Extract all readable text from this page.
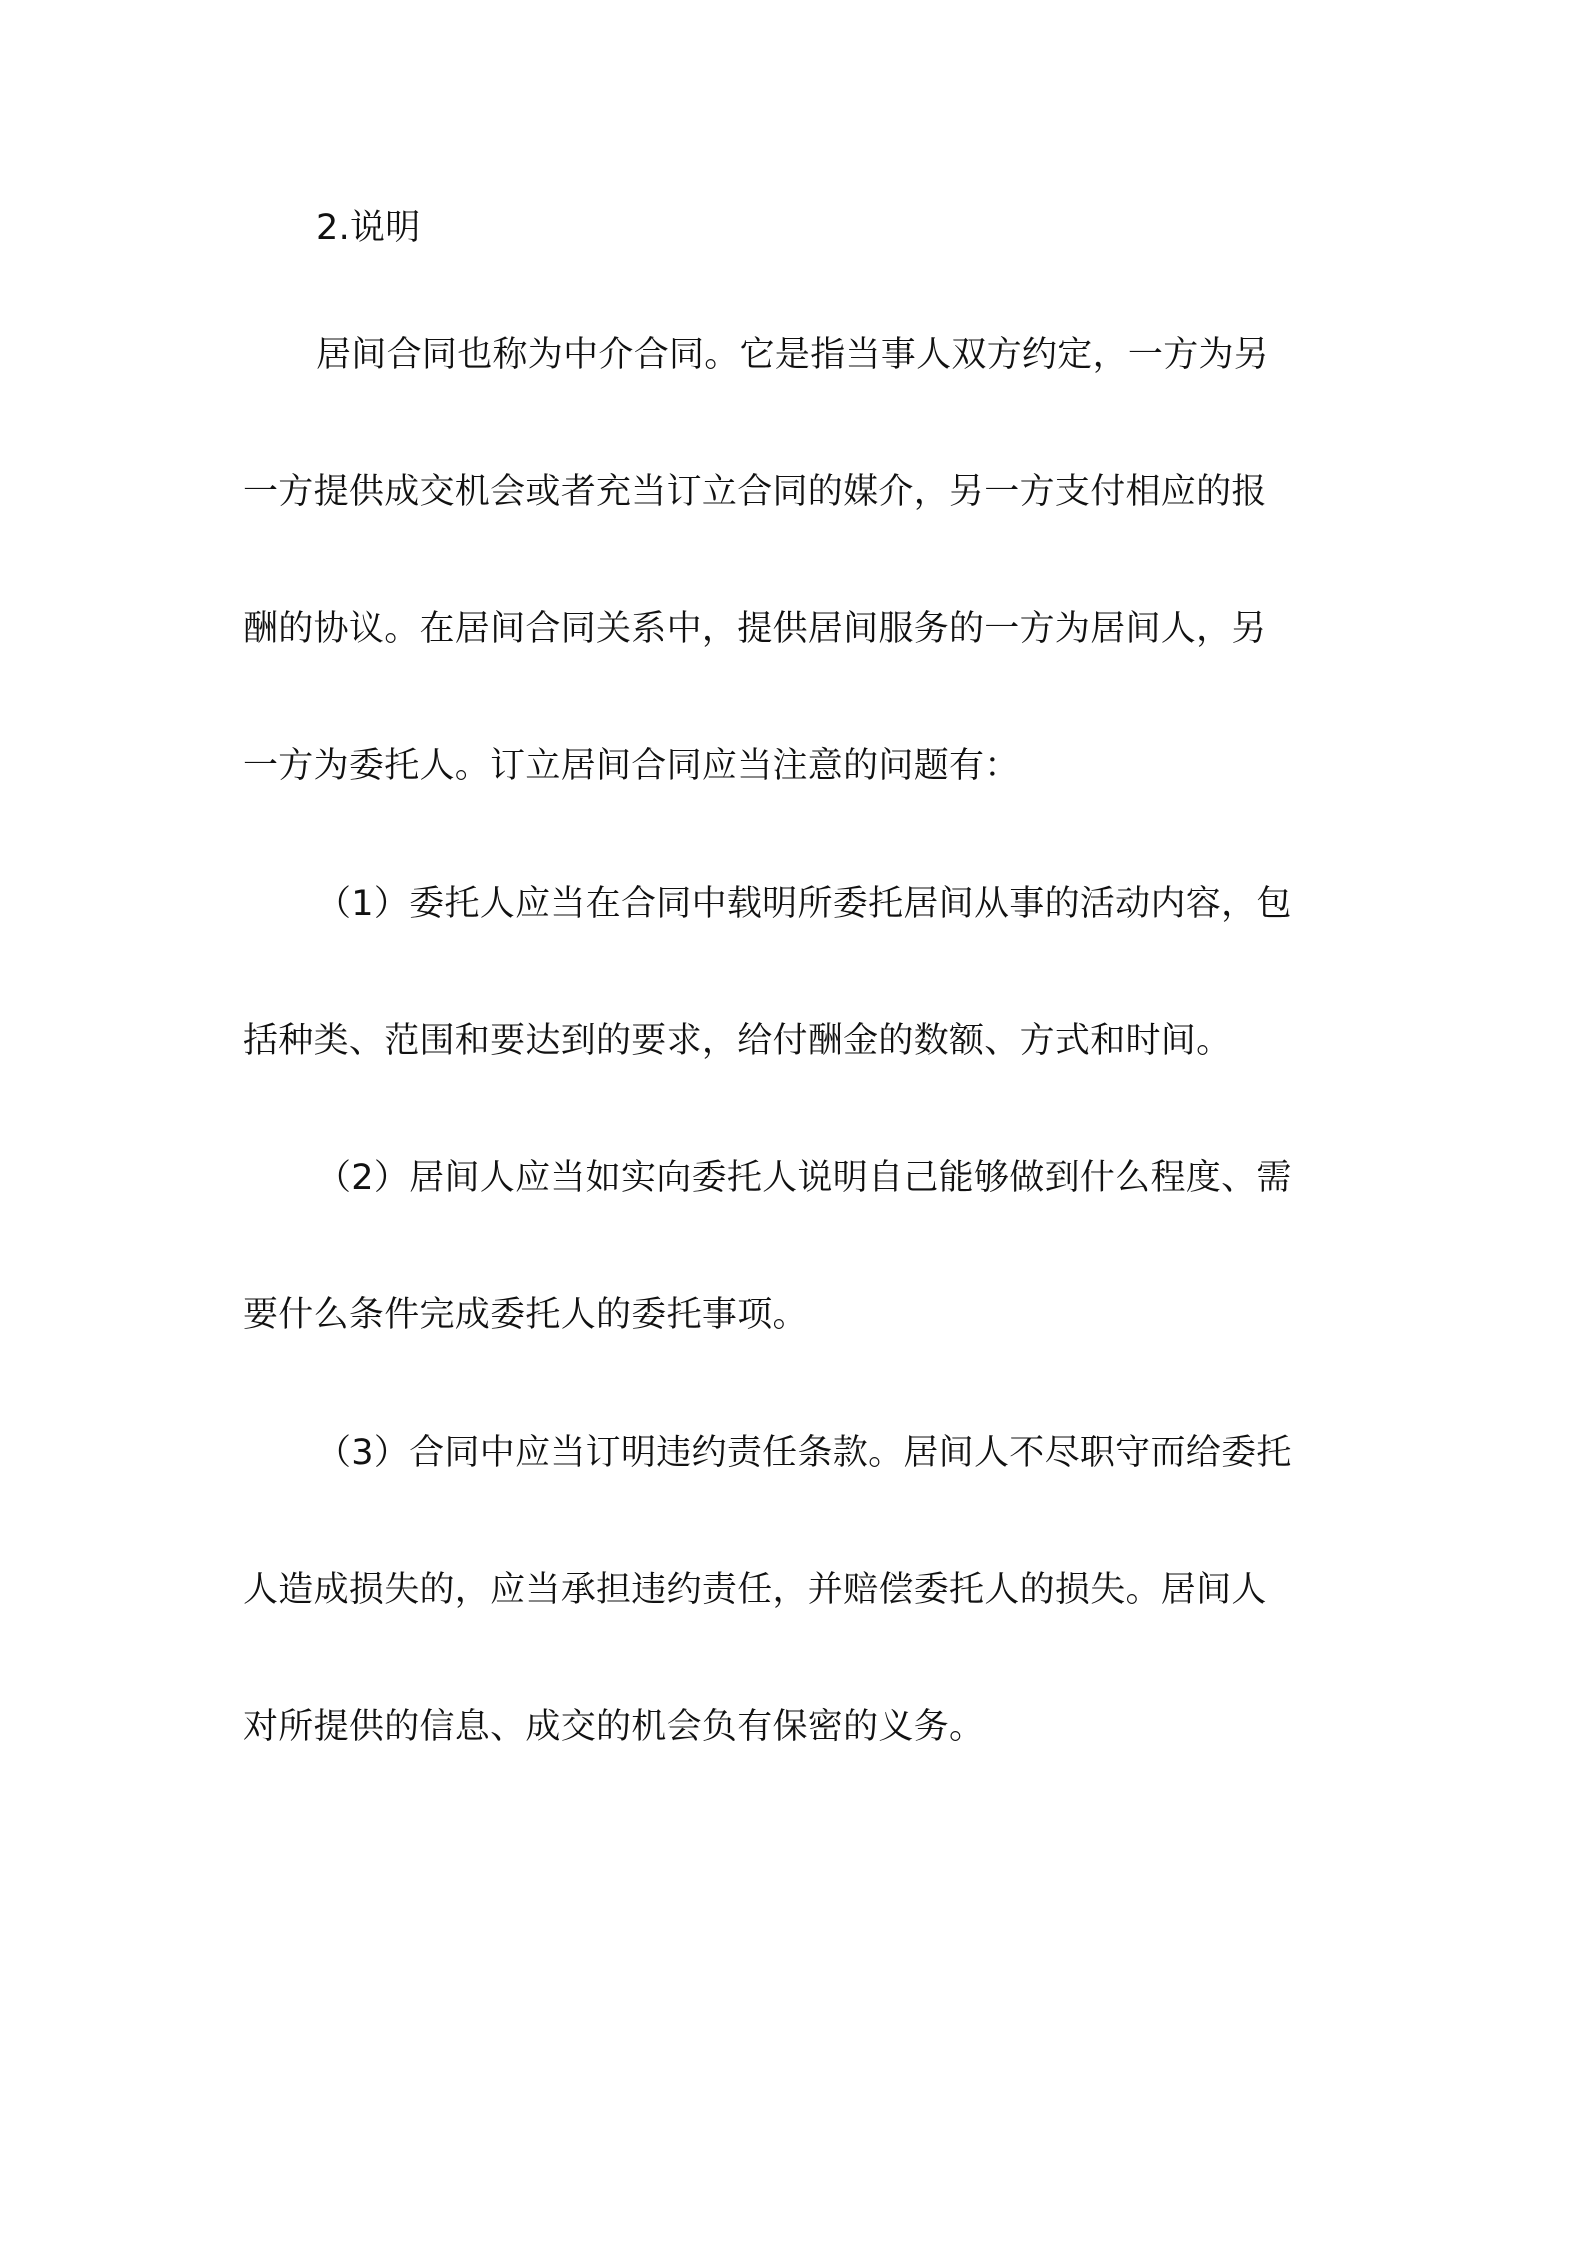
2.说明

居间合同也称为中介合同。它是指当事人双方约定，一方为另

一方提供成交机会或者充当订立合同的媒介，另一方支付相应的报

酬的协议。在居间合同关系中，提供居间服务的一方为居间人，另

一方为委托人。订立居间合同应当注意的问题有：

（1）委托人应当在合同中载明所委托居间从事的活动内容，包

括种类、范围和要达到的要求，给付酬金的数额、方式和时间。

（2）居间人应当如实向委托人说明自己能够做到什么程度、需

要什么条件完成委托人的委托事项。

（3）合同中应当订明违约责任条款。居间人不尽职守而给委托

人造成损失的，应当承担违约责任，并赔偿委托人的损失。居间人

对所提供的信息、成交的机会负有保密的义务。
